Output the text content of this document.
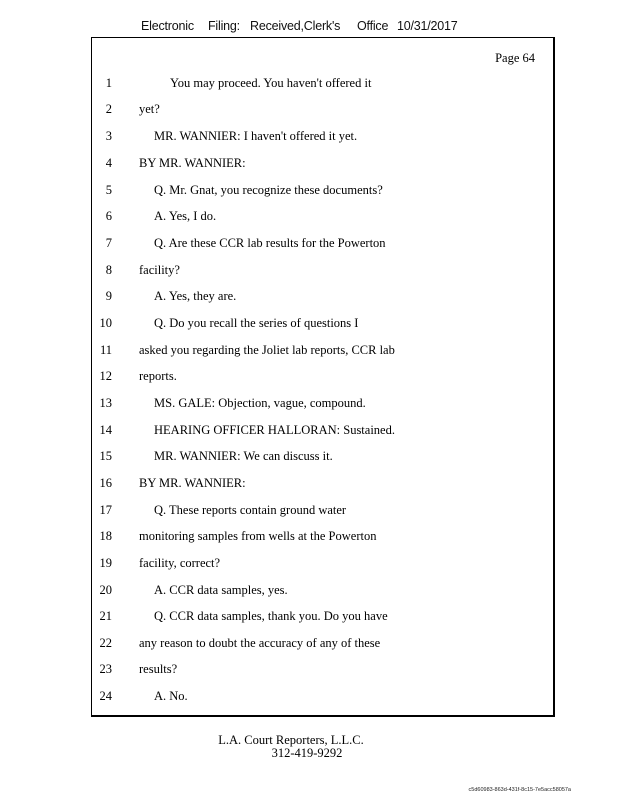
Electronic Filing: Received,Clerk's Office 10/31/2017
Page 64
1	You may proceed. You haven't offered it
2 yet?
3	MR. WANNIER: I haven't offered it yet.
4 BY MR. WANNIER:
5	Q. Mr. Gnat, you recognize these documents?
6	A. Yes, I do.
7	Q. Are these CCR lab results for the Powerton
8 facility?
9	A. Yes, they are.
10	Q. Do you recall the series of questions I
11 asked you regarding the Joliet lab reports, CCR lab
12 reports.
13	MS. GALE: Objection, vague, compound.
14	HEARING OFFICER HALLORAN: Sustained.
15	MR. WANNIER: We can discuss it.
16 BY MR. WANNIER:
17	Q. These reports contain ground water
18 monitoring samples from wells at the Powerton
19 facility, correct?
20	A. CCR data samples, yes.
21	Q. CCR data samples, thank you. Do you have
22 any reason to doubt the accuracy of any of these
23 results?
24	A. No.
L.A. Court Reporters, L.L.C.
312-419-9292
c5d60983-863d-431f-8c15-7e5acc58057a
